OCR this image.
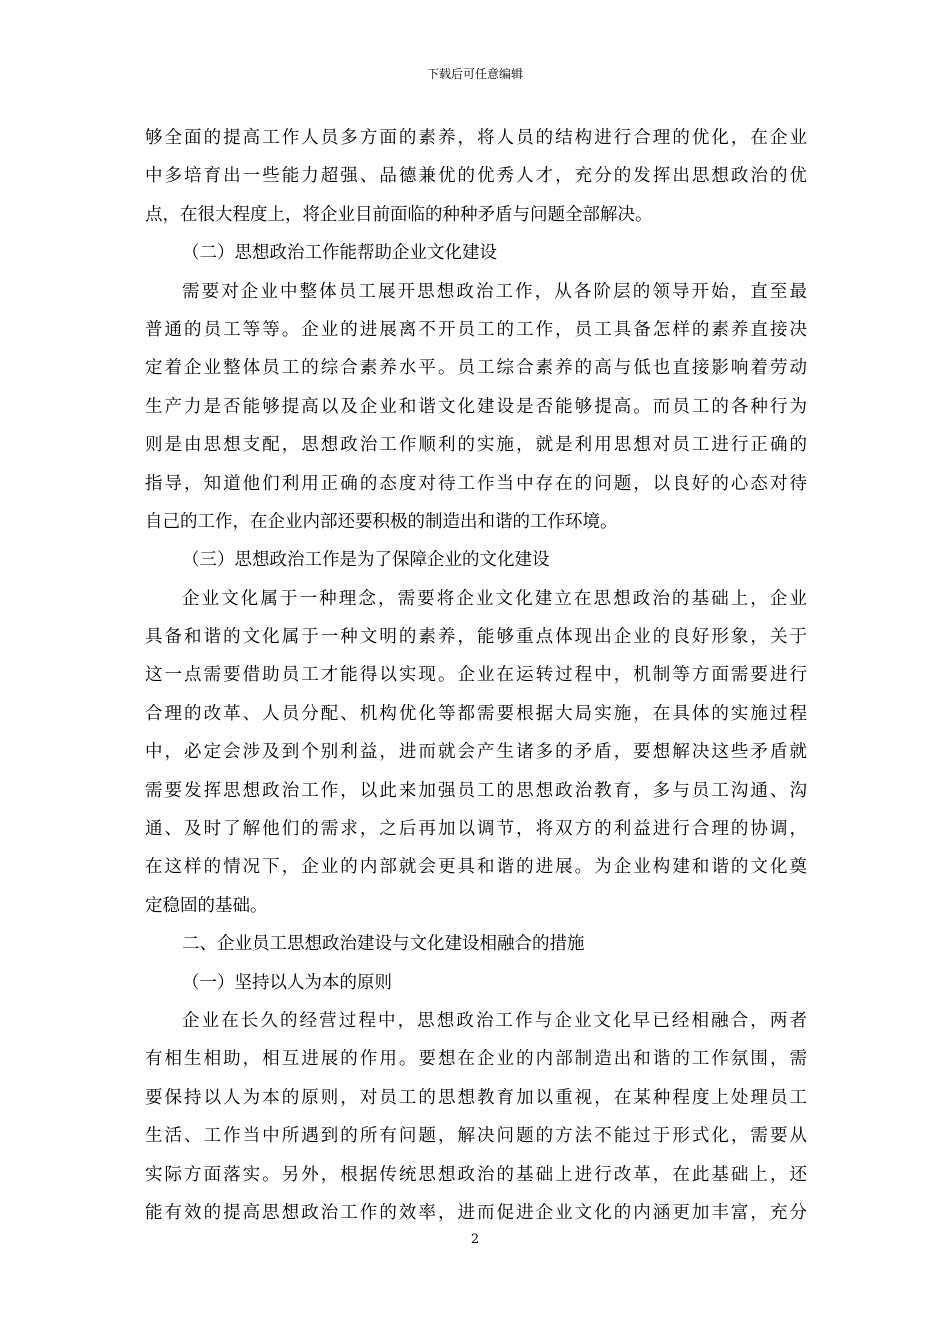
下载后可任意编辑
够全面的提高工作人员多方面的素养，将人员的结构进行合理的优化，在企业
中多培育出一些能力超强、品德兼优的优秀人才，充分的发挥出思想政治的优
点，在很大程度上，将企业目前面临的种种矛盾与问题全部解决。
（二）思想政治工作能帮助企业文化建设
需要对企业中整体员工展开思想政治工作，从各阶层的领导开始，直至最
普通的员工等等。企业的进展离不开员工的工作，员工具备怎样的素养直接决
定着企业整体员工的综合素养水平。员工综合素养的高与低也直接影响着劳动
生产力是否能够提高以及企业和谐文化建设是否能够提高。而员工的各种行为
则是由思想支配，思想政治工作顺利的实施，就是利用思想对员工进行正确的
指导，知道他们利用正确的态度对待工作当中存在的问题，以良好的心态对待
自己的工作，在企业内部还要积极的制造出和谐的工作环境。
（三）思想政治工作是为了保障企业的文化建设
企业文化属于一种理念，需要将企业文化建立在思想政治的基础上，企业
具备和谐的文化属于一种文明的素养，能够重点体现出企业的良好形象，关于
这一点需要借助员工才能得以实现。企业在运转过程中，机制等方面需要进行
合理的改革、人员分配、机构优化等都需要根据大局实施，在具体的实施过程
中，必定会涉及到个别利益，进而就会产生诸多的矛盾，要想解决这些矛盾就
需要发挥思想政治工作，以此来加强员工的思想政治教育，多与员工沟通、沟
通、及时了解他们的需求，之后再加以调节，将双方的利益进行合理的协调，
在这样的情况下，企业的内部就会更具和谐的进展。为企业构建和谐的文化奠
定稳固的基础。
二、企业员工思想政治建设与文化建设相融合的措施
（一）坚持以人为本的原则
企业在长久的经营过程中，思想政治工作与企业文化早已经相融合，两者
有相生相助，相互进展的作用。要想在企业的内部制造出和谐的工作氛围，需
要保持以人为本的原则，对员工的思想教育加以重视，在某种程度上处理员工
生活、工作当中所遇到的所有问题，解决问题的方法不能过于形式化，需要从
实际方面落实。另外，根据传统思想政治的基础上进行改革，在此基础上，还
能有效的提高思想政治工作的效率，进而促进企业文化的内涵更加丰富，充分
2
